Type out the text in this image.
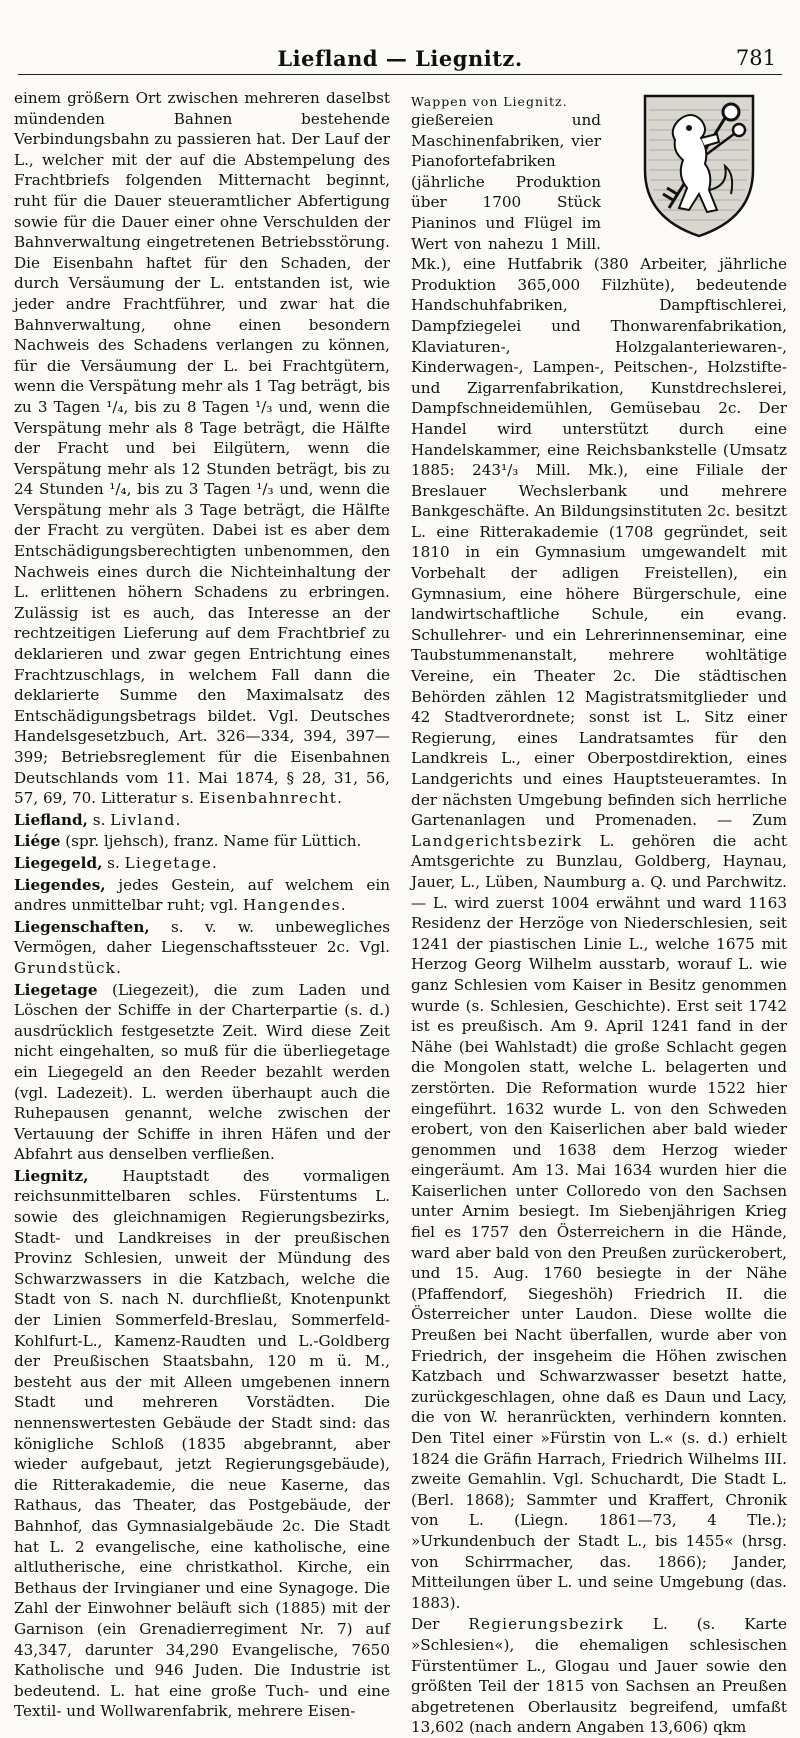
Liefland — Liegnitz.	781

einem größern Ort zwischen mehreren daselbst mündenden Bahnen bestehende Verbindungsbahn zu passieren hat. Der Lauf der L., welcher mit der auf die Abstempelung des Frachtbriefs folgenden Mitternacht beginnt, ruht für die Dauer steueramtlicher Abfertigung sowie für die Dauer einer ohne Verschulden der Bahnverwaltung eingetretenen Betriebsstörung. Die Eisenbahn haftet für den Schaden, der durch Versäumung der L. entstanden ist, wie jeder andre Frachtführer, und zwar hat die Bahnverwaltung, ohne einen besondern Nachweis des Schadens verlangen zu können, für die Versäumung der L. bei Frachtgütern, wenn die Verspätung mehr als 1 Tag beträgt, bis zu 3 Tagen ¹/₄, bis zu 8 Tagen ¹/₃ und, wenn die Verspätung mehr als 8 Tage beträgt, die Hälfte der Fracht und bei Eilgütern, wenn die Verspätung mehr als 12 Stunden beträgt, bis zu 24 Stunden ¹/₄, bis zu 3 Tagen ¹/₃ und, wenn die Verspätung mehr als 3 Tage beträgt, die Hälfte der Fracht zu vergüten. Dabei ist es aber dem Entschädigungsberechtigten unbenommen, den Nachweis eines durch die Nichteinhaltung der L. erlittenen höhern Schadens zu erbringen. Zulässig ist es auch, das Interesse an der rechtzeitigen Lieferung auf dem Frachtbrief zu deklarieren und zwar gegen Entrichtung eines Frachtzuschlags, in welchem Fall dann die deklarierte Summe den Maximalsatz des Entschädigungsbetrags bildet. Vgl. Deutsches Handelsgesetzbuch, Art. 326—334, 394, 397—399; Betriebsreglement für die Eisenbahnen Deutschlands vom 11. Mai 1874, § 28, 31, 56, 57, 69, 70. Litteratur s. Eisenbahnrecht.

Liefland, s. Livland.

Liége (spr. ljehsch), franz. Name für Lüttich.

Liegegeld, s. Liegetage.

Liegendes, jedes Gestein, auf welchem ein andres unmittelbar ruht; vgl. Hangendes.

Liegenschaften, s. v. w. unbewegliches Vermögen, daher Liegenschaftssteuer 2c. Vgl. Grundstück.

Liegetage (Liegezeit), die zum Laden und Löschen der Schiffe in der Charterpartie (s. d.) ausdrücklich festgesetzte Zeit. Wird diese Zeit nicht eingehalten, so muß für die überliegetage ein Liegegeld an den Reeder bezahlt werden (vgl. Ladezeit). L. werden überhaupt auch die Ruhepausen genannt, welche zwischen der Vertauung der Schiffe in ihren Häfen und der Abfahrt aus denselben verfließen.

Liegnitz, Hauptstadt des vormaligen reichsunmittelbaren schles. Fürstentums L. sowie des gleichnamigen Regierungsbezirks, Stadt- und Landkreises in der preußischen Provinz Schlesien, unweit der Mündung des Schwarzwassers in die Katzbach, welche die Stadt von S. nach N. durchfließt, Knotenpunkt der Linien Sommerfeld-Breslau, Sommerfeld-Kohlfurt-L., Kamenz-Raudten und L.-Goldberg der Preußischen Staatsbahn, 120 m ü. M., besteht aus der mit Alleen umgebenen innern Stadt und mehreren Vorstädten. Die nennenswertesten Gebäude der Stadt sind: das königliche Schloß (1835 abgebrannt, aber wieder aufgebaut, jetzt Regierungsgebäude), die Ritterakademie, die neue Kaserne, das Rathaus, das Theater, das Postgebäude, der Bahnhof, das Gymnasialgebäude 2c. Die Stadt hat L. 2 evangelische, eine katholische, eine altlutherische, eine christkathol. Kirche, ein Bethaus der Irvingianer und eine Synagoge. Die Zahl der Einwohner beläuft sich (1885) mit der Garnison (ein Grenadierregiment Nr. 7) auf 43,347, darunter 34,290 Evangelische, 7650 Katholische und 946 Juden. Die Industrie ist bedeutend. L. hat eine große Tuch- und eine Textil- und Wollwarenfabrik, mehrere Eisen-

Wappen von Liegnitz.
gießereien und Maschinenfabriken, vier Pianofortefabriken (jährliche Produktion über 1700 Stück Pianinos und Flügel im Wert von nahezu 1 Mill. Mk.), eine Hutfabrik (380 Arbeiter, jährliche Produktion 365,000 Filzhüte), bedeutende Handschuhfabriken, Dampftischlerei, Dampfziegelei und Thonwarenfabrikation, Klaviaturen-, Holzgalanteriewaren-, Kinderwagen-, Lampen-, Peitschen-, Holzstifte- und Zigarrenfabrikation, Kunstdrechslerei, Dampfschneidemühlen, Gemüsebau 2c. Der Handel wird unterstützt durch eine Handelskammer, eine Reichsbankstelle (Umsatz 1885: 243¹/₃ Mill. Mk.), eine Filiale der Breslauer Wechslerbank und mehrere Bankgeschäfte. An Bildungsinstituten 2c. besitzt L. eine Ritterakademie (1708 gegründet, seit 1810 in ein Gymnasium umgewandelt mit Vorbehalt der adligen Freistellen), ein Gymnasium, eine höhere Bürgerschule, eine landwirtschaftliche Schule, ein evang. Schullehrer- und ein Lehrerinnenseminar, eine Taubstummenanstalt, mehrere wohltätige Vereine, ein Theater 2c. Die städtischen Behörden zählen 12 Magistratsmitglieder und 42 Stadtverordnete; sonst ist L. Sitz einer Regierung, eines Landratsamtes für den Landkreis L., einer Oberpostdirektion, eines Landgerichts und eines Hauptsteueramtes. In der nächsten Umgebung befinden sich herrliche Gartenanlagen und Promenaden. — Zum Landgerichtsbezirk L. gehören die acht Amtsgerichte zu Bunzlau, Goldberg, Haynau, Jauer, L., Lüben, Naumburg a. Q. und Parchwitz. — L. wird zuerst 1004 erwähnt und ward 1163 Residenz der Herzöge von Niederschlesien, seit 1241 der piastischen Linie L., welche 1675 mit Herzog Georg Wilhelm ausstarb, worauf L. wie ganz Schlesien vom Kaiser in Besitz genommen wurde (s. Schlesien, Geschichte). Erst seit 1742 ist es preußisch. Am 9. April 1241 fand in der Nähe (bei Wahlstadt) die große Schlacht gegen die Mongolen statt, welche L. belagerten und zerstörten. Die Reformation wurde 1522 hier eingeführt. 1632 wurde L. von den Schweden erobert, von den Kaiserlichen aber bald wieder genommen und 1638 dem Herzog wieder eingeräumt. Am 13. Mai 1634 wurden hier die Kaiserlichen unter Colloredo von den Sachsen unter Arnim besiegt. Im Siebenjährigen Krieg fiel es 1757 den Österreichern in die Hände, ward aber bald von den Preußen zurückerobert, und 15. Aug. 1760 besiegte in der Nähe (Pfaffendorf, Siegeshöh) Friedrich II. die Österreicher unter Laudon. Diese wollte die Preußen bei Nacht überfallen, wurde aber von Friedrich, der insgeheim die Höhen zwischen Katzbach und Schwarzwasser besetzt hatte, zurückgeschlagen, ohne daß es Daun und Lacy, die von W. heranrückten, verhindern konnten. Den Titel einer »Fürstin von L.« (s. d.) erhielt 1824 die Gräfin Harrach, Friedrich Wilhelms III. zweite Gemahlin. Vgl. Schuchardt, Die Stadt L. (Berl. 1868); Sammter und Kraffert, Chronik von L. (Liegn. 1861—73, 4 Tle.); »Urkundenbuch der Stadt L., bis 1455« (hrsg. von Schirrmacher, das. 1866); Jander, Mitteilungen über L. und seine Umgebung (das. 1883).

Der Regierungsbezirk L. (s. Karte »Schlesien«), die ehemaligen schlesischen Fürstentümer L., Glogau und Jauer sowie den größten Teil der 1815 von Sachsen an Preußen abgetretenen Oberlausitz begreifend, umfaßt 13,602 (nach andern Angaben 13,606) qkm
